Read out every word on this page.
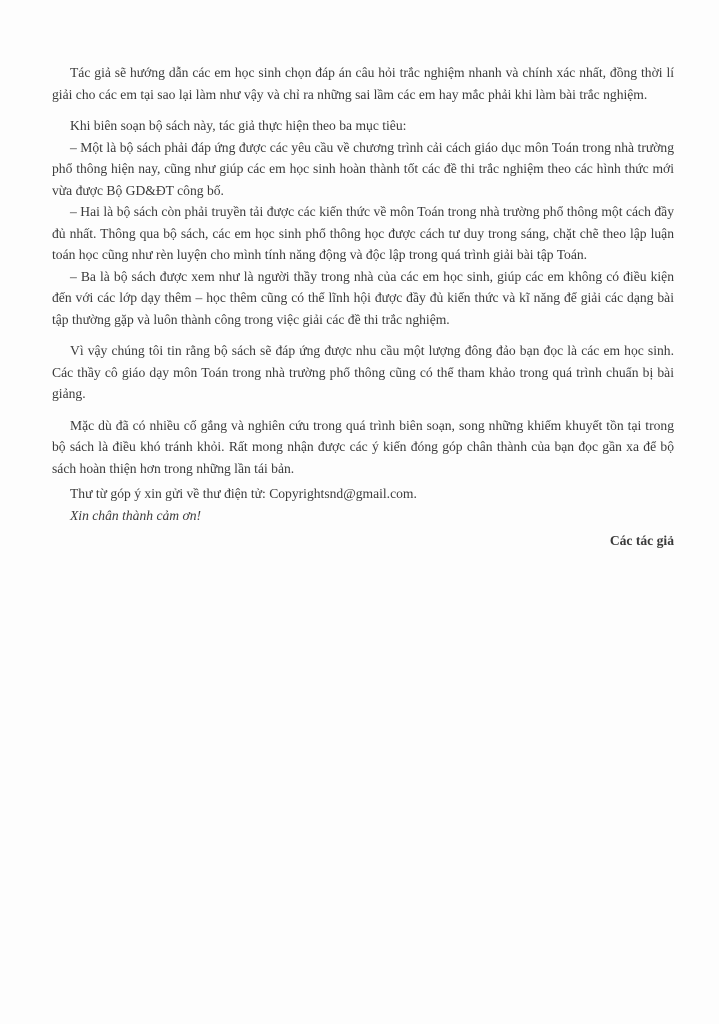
Tác giả sẽ hướng dẫn các em học sinh chọn đáp án câu hỏi trắc nghiệm nhanh và chính xác nhất, đồng thời lí giải cho các em tại sao lại làm như vậy và chỉ ra những sai lầm các em hay mắc phải khi làm bài trắc nghiệm.

Khi biên soạn bộ sách này, tác giả thực hiện theo ba mục tiêu:

– Một là bộ sách phải đáp ứng được các yêu cầu về chương trình cải cách giáo dục môn Toán trong nhà trường phổ thông hiện nay, cũng như giúp các em học sinh hoàn thành tốt các đề thi trắc nghiệm theo các hình thức mới vừa được Bộ GD&ĐT công bố.

– Hai là bộ sách còn phải truyền tải được các kiến thức về môn Toán trong nhà trường phổ thông một cách đầy đủ nhất. Thông qua bộ sách, các em học sinh phổ thông học được cách tư duy trong sáng, chặt chẽ theo lập luận toán học cũng như rèn luyện cho mình tính năng động và độc lập trong quá trình giải bài tập Toán.

– Ba là bộ sách được xem như là người thầy trong nhà của các em học sinh, giúp các em không có điều kiện đến với các lớp dạy thêm – học thêm cũng có thể lĩnh hội được đầy đủ kiến thức và kĩ năng để giải các dạng bài tập thường gặp và luôn thành công trong việc giải các đề thi trắc nghiệm.

Vì vậy chúng tôi tin rằng bộ sách sẽ đáp ứng được nhu cầu một lượng đông đảo bạn đọc là các em học sinh. Các thầy cô giáo dạy môn Toán trong nhà trường phổ thông cũng có thể tham khảo trong quá trình chuẩn bị bài giảng.

Mặc dù đã có nhiều cố gắng và nghiên cứu trong quá trình biên soạn, song những khiếm khuyết tồn tại trong bộ sách là điều khó tránh khỏi. Rất mong nhận được các ý kiến đóng góp chân thành của bạn đọc gần xa để bộ sách hoàn thiện hơn trong những lần tái bản.

Thư từ góp ý xin gửi về thư điện tử: Copyrightsnd@gmail.com.

Xin chân thành cảm ơn!

Các tác giả
